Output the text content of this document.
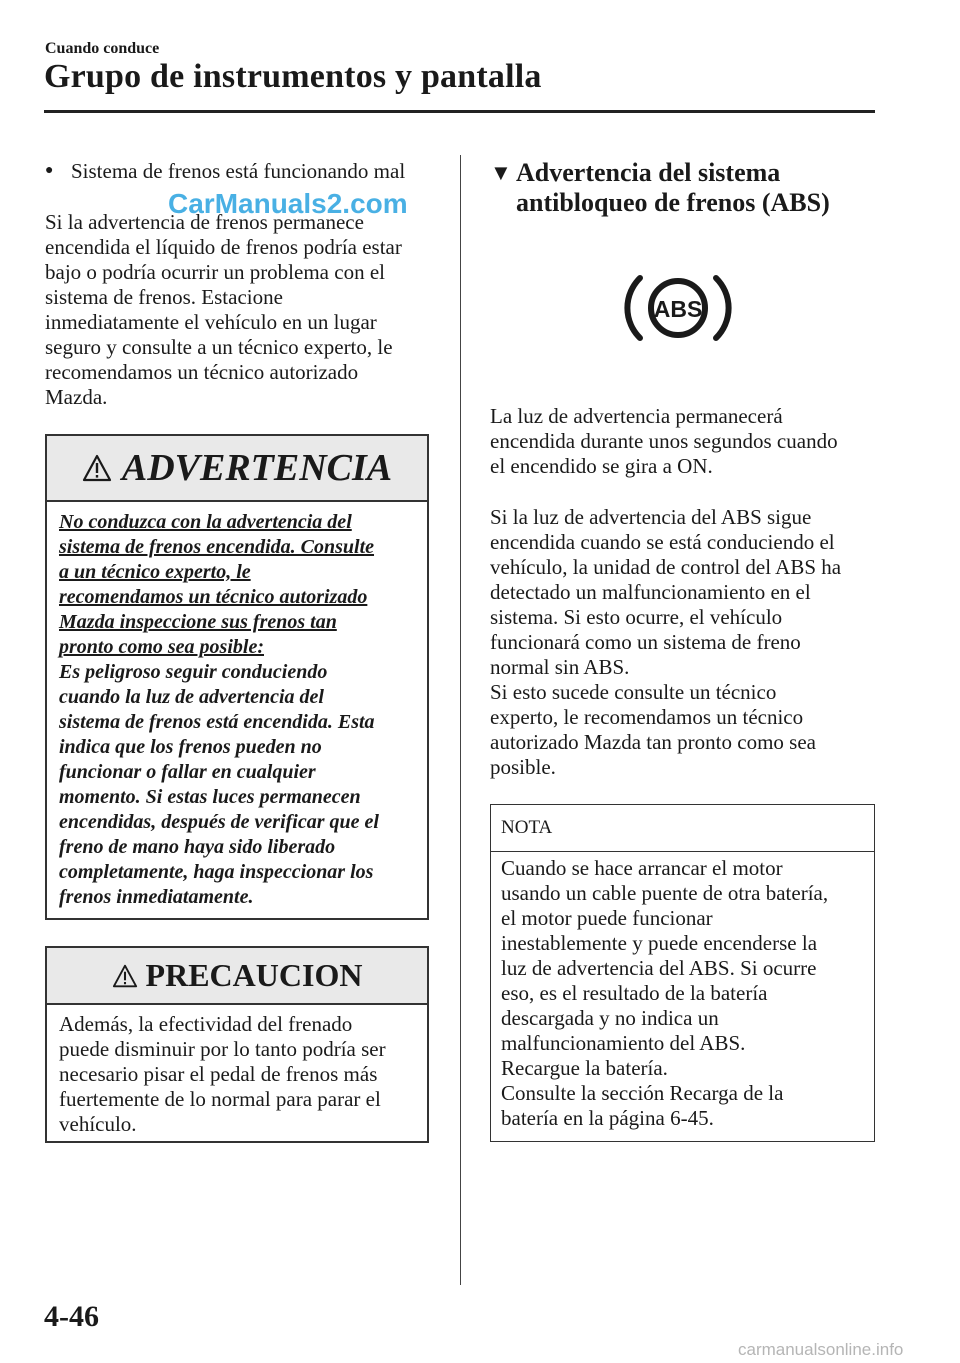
Cuando conduce
Grupo de instrumentos y pantalla
● Sistema de frenos está funcionando mal
Si la advertencia de frenos permanece
encendida el líquido de frenos podría estar
bajo o podría ocurrir un problema con el
sistema de frenos. Estacione
inmediatamente el vehículo en un lugar
seguro y consulte a un técnico experto, le
recomendamos un técnico autorizado
Mazda.
ADVERTENCIA
No conduzca con la advertencia del
sistema de frenos encendida. Consulte
a un técnico experto, le
recomendamos un técnico autorizado
Mazda inspeccione sus frenos tan
pronto como sea posible:
Es peligroso seguir conduciendo
cuando la luz de advertencia del
sistema de frenos está encendida. Esta
indica que los frenos pueden no
funcionar o fallar en cualquier
momento. Si estas luces permanecen
encendidas, después de verificar que el
freno de mano haya sido liberado
completamente, haga inspeccionar los
frenos inmediatamente.
PRECAUCION
Además, la efectividad del frenado
puede disminuir por lo tanto podría ser
necesario pisar el pedal de frenos más
fuertemente de lo normal para parar el
vehículo.
▼ Advertencia del sistema
antibloqueo de frenos (ABS)
ABS
La luz de advertencia permanecerá
encendida durante unos segundos cuando
el encendido se gira a ON.
Si la luz de advertencia del ABS sigue
encendida cuando se está conduciendo el
vehículo, la unidad de control del ABS ha
detectado un malfuncionamiento en el
sistema. Si esto ocurre, el vehículo
funcionará como un sistema de freno
normal sin ABS.
Si esto sucede consulte un técnico
experto, le recomendamos un técnico
autorizado Mazda tan pronto como sea
posible.
NOTA
Cuando se hace arrancar el motor
usando un cable puente de otra batería,
el motor puede funcionar
inestablemente y puede encenderse la
luz de advertencia del ABS. Si ocurre
eso, es el resultado de la batería
descargada y no indica un
malfuncionamiento del ABS.
Recargue la batería.
Consulte la sección Recarga de la
batería en la página 6-45.
4-46
CarManuals2.com
carmanualsonline.info
